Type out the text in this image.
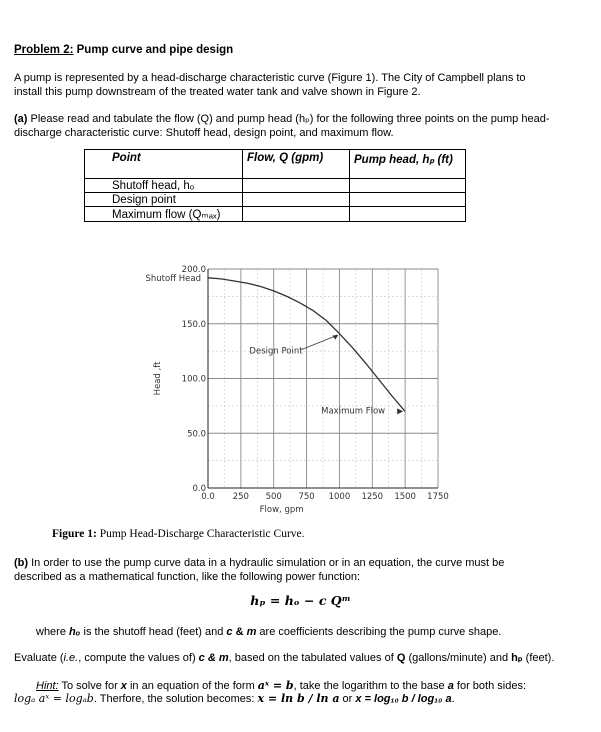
Problem 2: Pump curve and pipe design
A pump is represented by a head-discharge characteristic curve (Figure 1). The City of Campbell plans to
install this pump downstream of the treated water tank and valve shown in Figure 2.
(a) Please read and tabulate the flow (Q) and pump head (hₚ) for the following three points on the pump head-
discharge characteristic curve: Shutoff head, design point, and maximum flow.
Point	Flow, Q (gpm)	Pump head, hₚ (ft)
Shutoff head, hₒ		
Design point		
Maximum flow (Qₘₐₓ)		
0.0 250 500 750 1000 1250 1500 1750
0.0
50.0
100.0
150.0
200.0
Shutoff Head
Design Point
Maximum Flow
Flow, gpm
Head ,ft
Figure 1: Pump Head-Discharge Characteristic Curve.
(b) In order to use the pump curve data in a hydraulic simulation or in an equation, the curve must be
described as a mathematical function, like the following power function:
hₚ = hₒ − c Qᵐ
where hₒ is the shutoff head (feet) and c & m are coefficients describing the pump curve shape.
Evaluate (i.e., compute the values of) c & m, based on the tabulated values of Q (gallons/minute) and hₚ (feet).
Hint: To solve for x in an equation of the form aˣ = b, take the logarithm to the base a for both sides:
logₐ aˣ = logₐb. Therfore, the solution becomes: x = ln b / ln a or x = log₁₀ b / log₁₀ a.
